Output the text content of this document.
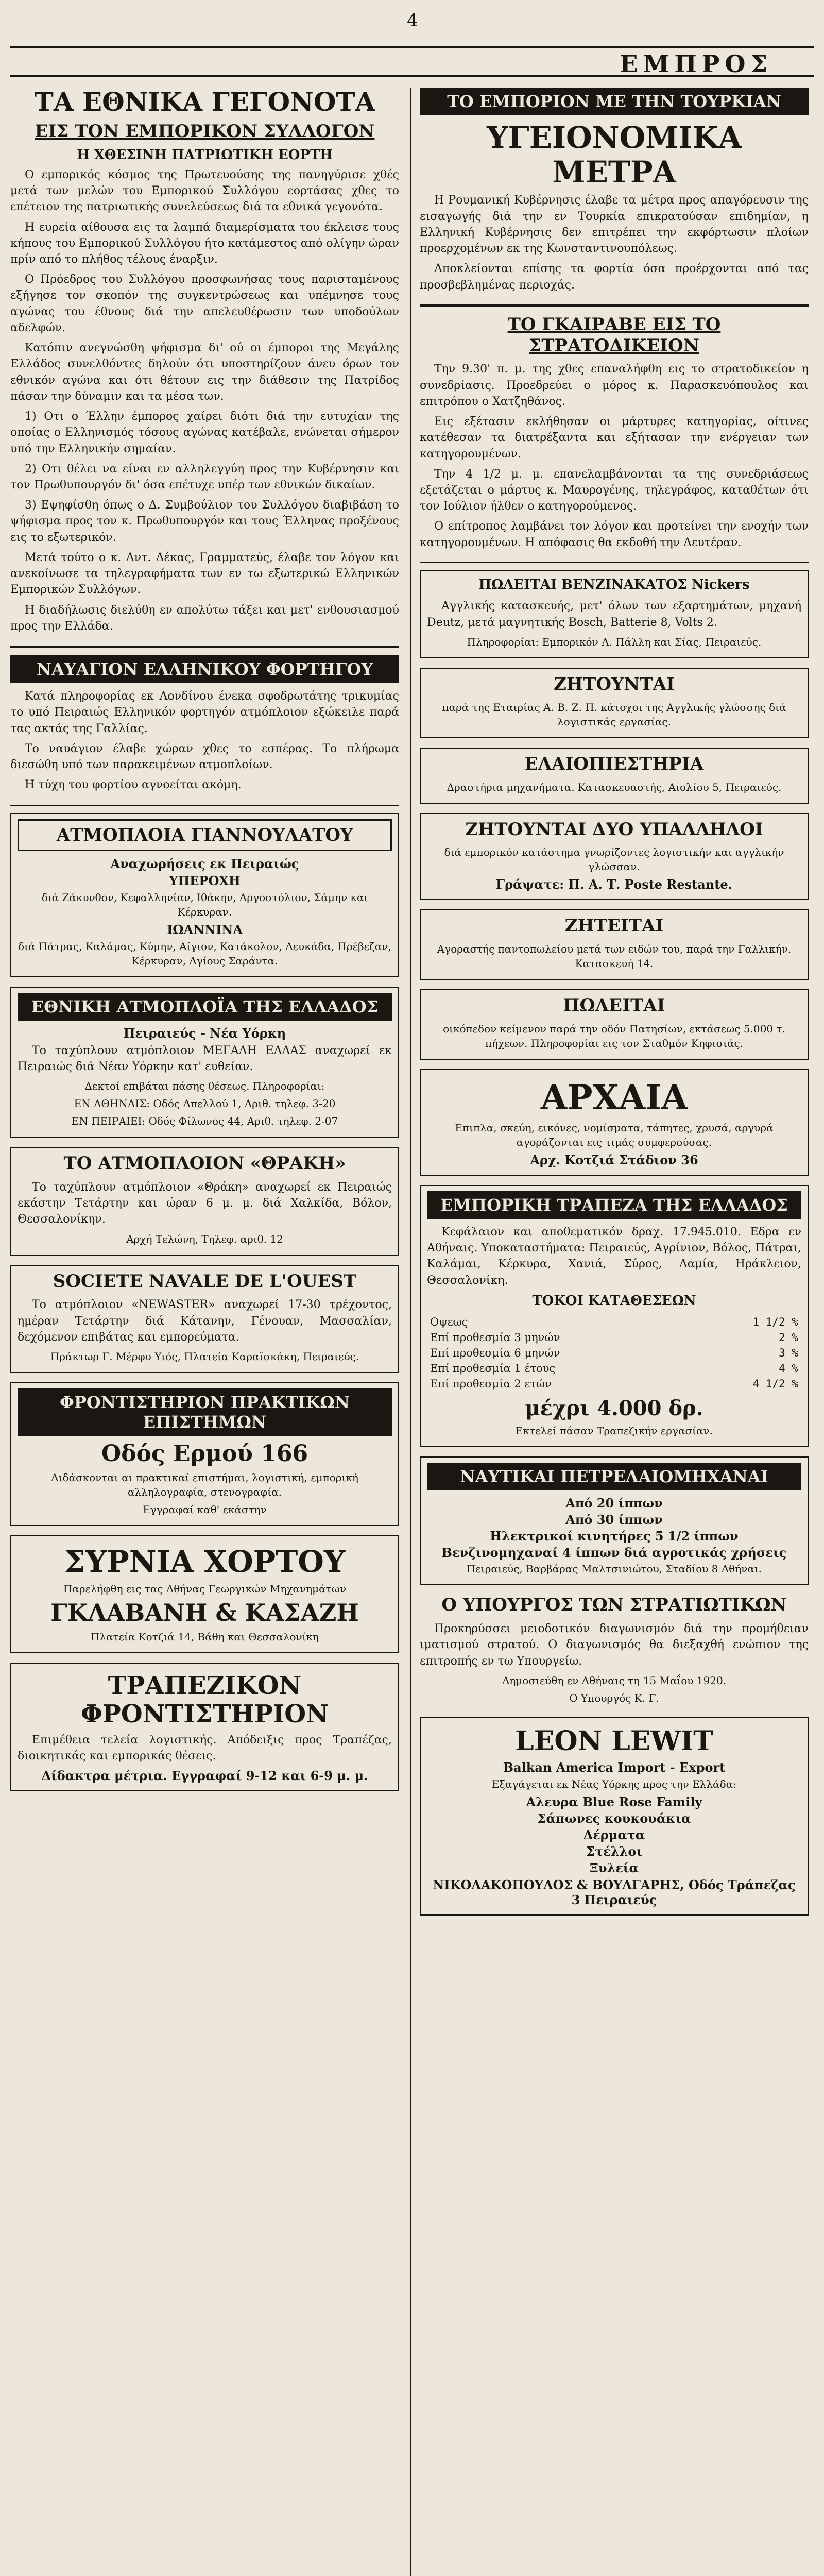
4
ΕΜΠΡΟΣ
ΤΑ ΕΘΝΙΚΑ ΓΕΓΟΝΟΤΑ
ΕΙΣ ΤΟΝ ΕΜΠΟΡΙΚΟΝ ΣΥΛΛΟΓΟΝ
Η ΧΘΕΣΙΝΗ ΠΑΤΡΙΩΤΙΚΗ ΕΟΡΤΗ

Ο εμπορικός κόσμος της Πρωτευούσης της πανηγύρισε χθές μετά των μελών του Εμπορικού Συλλόγου εορτάσας χθες το επέτειον της πατριωτικής συνελεύσεως διά τα εθνικά γεγονότα.

Η ευρεία αίθουσα εις τα λαμπά διαμερίσματα του έκλεισε τους κήπους του Εμπορικού Συλλόγου ήτο κατάμεστος από ολίγην ώραν πρίν από το πλήθος τέλους έναρξιν.

Ο Πρόεδρος του Συλλόγου προσφωνήσας τους παρισταμένους εξήγησε τον σκοπόν της συγκεντρώσεως και υπέμνησε τους αγώνας του έθνους διά την απελευθέρωσιν των υποδούλων αδελφών.

Κατόπιν ανεγνώσθη ψήφισμα δι' ού οι έμποροι της Μεγάλης Ελλάδος συνελθόντες δηλούν ότι υποστηρίζουν άνευ όρων τον εθνικόν αγώνα και ότι θέτουν εις την διάθεσιν της Πατρίδος πάσαν την δύναμιν και τα μέσα των.

1) Οτι ο Έλλην έμπορος χαίρει διότι διά την ευτυχίαν της οποίας ο Ελληνισμός τόσους αγώνας κατέβαλε, ενώνεται σήμερον υπό την Ελληνικήν σημαίαν.

2) Οτι θέλει να είναι εν αλληλεγγύη προς την Κυβέρνησιν και τον Πρωθυπουργόν δι' όσα επέτυχε υπέρ των εθνικών δικαίων.

3) Εψηφίσθη όπως ο Δ. Συμβούλιον του Συλλόγου διαβιβάση το ψήφισμα προς τον κ. Πρωθυπουργόν και τους Έλληνας προξένους εις το εξωτερικόν.

Μετά τούτο ο κ. Αντ. Δέκας, Γραμματεύς, έλαβε τον λόγον και ανεκοίνωσε τα τηλεγραφήματα των εν τω εξωτερικώ Ελληνικών Εμπορικών Συλλόγων.

Η διαδήλωσις διελύθη εν απολύτω τάξει και μετ' ενθουσιασμού προς την Ελλάδα.

ΝΑΥΑΓΙΟΝ ΕΛΛΗΝΙΚΟΥ ΦΟΡΤΗΓΟΥ

Κατά πληροφορίας εκ Λονδίνου ένεκα σφοδρωτάτης τρικυμίας το υπό Πειραιώς Ελληνικόν φορτηγόν ατμόπλοιον εξώκειλε παρά τας ακτάς της Γαλλίας.

Το ναυάγιον έλαβε χώραν χθες το εσπέρας. Το πλήρωμα διεσώθη υπό των παρακειμένων ατμοπλοίων.

Η τύχη του φορτίου αγνοείται ακόμη.

ΑΤΜΟΠΛΟΙΑ ΓΙΑΝΝΟΥΛΑΤΟΥ
Αναχωρήσεις εκ Πειραιώς
ΥΠΕΡΟΧΗ

διά Ζάκυνθον, Κεφαλληνίαν, Ιθάκην, Αργοστόλιον, Σάμην και Κέρκυραν.

ΙΩΑΝΝΙΝΑ

διά Πάτρας, Καλάμας, Κύμην, Αίγιον, Κατάκολον, Λευκάδα, Πρέβεζαν, Κέρκυραν, Αγίους Σαράντα.

ΕΘΝΙΚΗ ΑΤΜΟΠΛΟΪΑ ΤΗΣ ΕΛΛΑΔΟΣ
Πειραιεύς - Νέα Υόρκη

Το ταχύπλουν ατμόπλοιον ΜΕΓΑΛΗ ΕΛΛΑΣ αναχωρεί εκ Πειραιώς διά Νέαν Υόρκην κατ' ευθείαν.

Δεκτοί επιβάται πάσης θέσεως. Πληροφορίαι:

ΕΝ ΑΘΗΝΑΙΣ: Οδός Απελλού 1, Αριθ. τηλεφ. 3-20

ΕΝ ΠΕΙΡΑΙΕΙ: Οδός Φίλωνος 44, Αριθ. τηλεφ. 2-07

ΤΟ ΑΤΜΟΠΛΟΙΟΝ «ΘΡΑΚΗ»

Το ταχύπλουν ατμόπλοιον «Θράκη» αναχωρεί εκ Πειραιώς εκάστην Τετάρτην και ώραν 6 μ. μ. διά Χαλκίδα, Βόλον, Θεσσαλονίκην.

Αρχή Τελώνη, Τηλεφ. αριθ. 12

SOCIETE NAVALE DE L'OUEST

Το ατμόπλοιον «NEWASTER» αναχωρεί 17-30 τρέχοντος, ημέραν Τετάρτην διά Κάτανην, Γένουαν, Μασσαλίαν, δεχόμενον επιβάτας και εμπορεύματα.

Πράκτωρ Γ. Μέρφυ Υιός, Πλατεία Καραϊσκάκη, Πειραιεύς.

ΦΡΟΝΤΙΣΤΗΡΙΟΝ ΠΡΑΚΤΙΚΩΝ ΕΠΙΣΤΗΜΩΝ
Οδός Ερμού 166

Διδάσκονται αι πρακτικαί επιστήμαι, λογιστική, εμπορική αλληλογραφία, στενογραφία.

Εγγραφαί καθ' εκάστην

ΣΥΡΝΙΑ ΧΟΡΤΟΥ

Παρελήφθη εις τας Αθήνας Γεωργικών Μηχανημάτων

ΓΚΛΑΒΑΝΗ & ΚΑΣΑΖΗ

Πλατεία Κοτζιά 14, Βάθη και Θεσσαλονίκη

ΤΡΑΠΕΖΙΚΟΝ ΦΡΟΝΤΙΣΤΗΡΙΟΝ

Επιμέθεια τελεία λογιστικής. Απόδειξις προς Τραπέζας, διοικητικάς και εμπορικάς θέσεις.

Δίδακτρα μέτρια. Εγγραφαί 9-12 και 6-9 μ. μ.

ΤΟ ΕΜΠΟΡΙΟΝ ΜΕ ΤΗΝ ΤΟΥΡΚΙΑΝ
ΥΓΕΙΟΝΟΜΙΚΑ ΜΕΤΡΑ

Η Ρουμανική Κυβέρνησις έλαβε τα μέτρα προς απαγόρευσιν της εισαγωγής διά την εν Τουρκία επικρατούσαν επιδημίαν, η Ελληνική Κυβέρνησις δεν επιτρέπει την εκφόρτωσιν πλοίων προερχομένων εκ της Κωνσταντινουπόλεως.

Αποκλείονται επίσης τα φορτία όσα προέρχονται από τας προσβεβλημένας περιοχάς.

ΤΟ ΓΚΑΙΡΑΒΕ ΕΙΣ ΤΟ ΣΤΡΑΤΟΔΙΚΕΙΟΝ

Την 9.30' π. μ. της χθες επαναλήφθη εις το στρατοδικείον η συνεδρίασις. Προεδρεύει ο μόρος κ. Παρασκευόπουλος και επιτρόπου ο Χατζηθάνος.

Εις εξέτασιν εκλήθησαν οι μάρτυρες κατηγορίας, οίτινες κατέθεσαν τα διατρέξαντα και εξήτασαν την ενέργειαν των κατηγορουμένων.

Την 4 1/2 μ. μ. επανελαμβάνονται τα της συνεδριάσεως εξετάζεται ο μάρτυς κ. Μαυρογένης, τηλεγράφος, καταθέτων ότι τον Ιούλιον ήλθεν ο κατηγορούμενος.

Ο επίτροπος λαμβάνει τον λόγον και προτείνει την ενοχήν των κατηγορουμένων. Η απόφασις θα εκδοθή την Δευτέραν.

ΠΩΛΕΙΤΑΙ ΒΕΝΖΙΝΑΚΑΤΟΣ Nickers

Αγγλικής κατασκευής, μετ' όλων των εξαρτημάτων, μηχανή Deutz, μετά μαγνητικής Bosch, Batterie 8, Volts 2.

Πληροφορίαι: Εμπορικόν Α. Πάλλη και Σίας, Πειραιεύς.

ΖΗΤΟΥΝΤΑΙ

παρά της Εταιρίας Α. Β. Ζ. Π. κάτοχοι της Αγγλικής γλώσσης διά λογιστικάς εργασίας.

ΕΛΑΙΟΠΙΕΣΤΗΡΙΑ

Δραστήρια μηχανήματα. Κατασκευαστής, Αιολίου 5, Πειραιεύς.

ΖΗΤΟΥΝΤΑΙ ΔΥΟ ΥΠΑΛΛΗΛΟΙ

διά εμπορικόν κατάστημα γνωρίζοντες λογιστικήν και αγγλικήν γλώσσαν.

Γράψατε: Π. Α. Τ. Poste Restante.

ΖΗΤΕΙΤΑΙ

Αγοραστής παντοπωλείου μετά των ειδών του, παρά την Γαλλικήν. Κατασκευή 14.

ΠΩΛΕΙΤΑΙ

οικόπεδον κείμενον παρά την οδόν Πατησίων, εκτάσεως 5.000 τ. πήχεων. Πληροφορίαι εις τον Σταθμόν Κηφισιάς.

ΑΡΧΑΙΑ

Επιπλα, σκεύη, εικόνες, νομίσματα, τάπητες, χρυσά, αργυρά αγοράζονται εις τιμάς συμφερούσας.

Αρχ. Κοτζιά Στάδιον 36

ΕΜΠΟΡΙΚΗ ΤΡΑΠΕΖΑ ΤΗΣ ΕΛΛΑΔΟΣ

Κεφάλαιον και αποθεματικόν δραχ. 17.945.010. Εδρα εν Αθήναις. Υποκαταστήματα: Πειραιεύς, Αγρίνιον, Βόλος, Πάτραι, Καλάμαι, Κέρκυρα, Χανιά, Σύρος, Λαμία, Ηράκλειον, Θεσσαλονίκη.

ΤΟΚΟΙ ΚΑΤΑΘΕΣΕΩΝ
Οψεως	1 1/2 %
Επί προθεσμία 3 μηνών	2 %
Επί προθεσμία 6 μηνών	3 %
Επί προθεσμία 1 έτους	4 %
Επί προθεσμία 2 ετών	4 1/2 %
μέχρι 4.000 δρ.

Εκτελεί πάσαν Τραπεζικήν εργασίαν.

ΝΑΥΤΙΚΑΙ ΠΕΤΡΕΛΑΙΟΜΗΧΑΝΑΙ
Από 20 ίππων
Από 30 ίππων
Ηλεκτρικοί κινητήρες 5 1/2 ίππων
Βενζινομηχαναί 4 ίππων διά αγροτικάς χρήσεις

Πειραιεύς, Βαρβάρας Μαλτσινιώτου, Σταδίου 8 Αθήναι.

Ο ΥΠΟΥΡΓΟΣ ΤΩΝ ΣΤΡΑΤΙΩΤΙΚΩΝ

Προκηρύσσει μειοδοτικόν διαγωνισμόν διά την προμήθειαν ιματισμού στρατού. Ο διαγωνισμός θα διεξαχθή ενώπιον της επιτροπής εν τω Υπουργείω.

Δημοσιεύθη εν Αθήναις τη 15 Μαΐου 1920.

Ο Υπουργός Κ. Γ.

LEON LEWIT
Balkan America Import - Export

Εξαγάγεται εκ Νέας Υόρκης προς την Ελλάδα:

Αλευρα Blue Rose Family
Σάπωνες κουκουάκια
Δέρματα
Στέλλοι
Ξυλεία

ΝΙΚΟΛΑΚΟΠΟΥΛΟΣ & ΒΟΥΛΓΑΡΗΣ, Οδός Τράπεζας 3 Πειραιεύς
